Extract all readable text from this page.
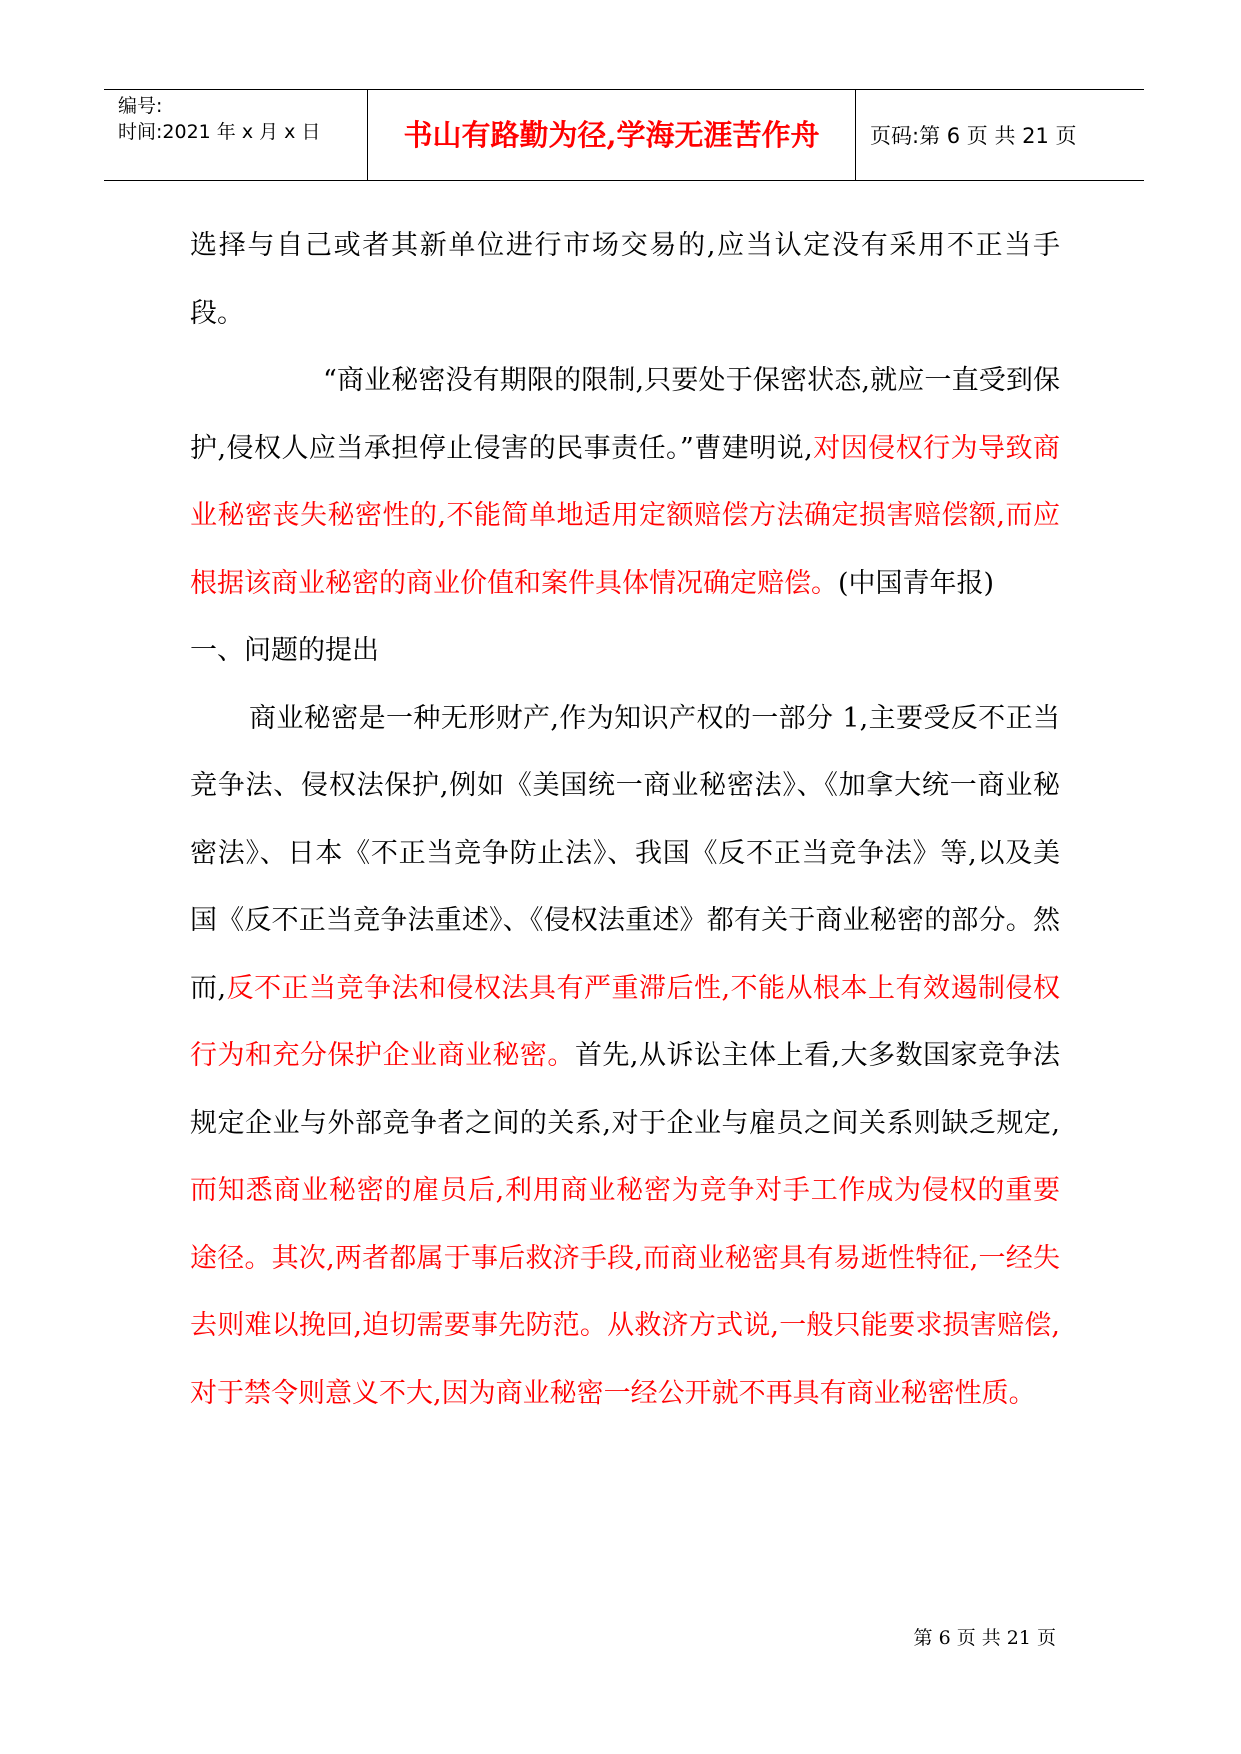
编号:
时间:2021 年 x 月 x 日	书山有路勤为径,学海无涯苦作舟	页码:第 6 页 共 21 页

选择与自己或者其新单位进行市场交易的,应当认定没有采用不正当手段。

“商业秘密没有期限的限制,只要处于保密状态,就应一直受到保护,侵权人应当承担停止侵害的民事责任。”曹建明说,对因侵权行为导致商业秘密丧失秘密性的,不能简单地适用定额赔偿方法确定损害赔偿额,而应根据该商业秘密的商业价值和案件具体情况确定赔偿。(中国青年报)

一、问题的提出

商业秘密是一种无形财产,作为知识产权的一部分 1,主要受反不正当竞争法、侵权法保护,例如《美国统一商业秘密法》、《加拿大统一商业秘密法》、日本《不正当竞争防止法》、我国《反不正当竞争法》等,以及美国《反不正当竞争法重述》、《侵权法重述》都有关于商业秘密的部分。然而,反不正当竞争法和侵权法具有严重滞后性,不能从根本上有效遏制侵权行为和充分保护企业商业秘密。首先,从诉讼主体上看,大多数国家竞争法规定企业与外部竞争者之间的关系,对于企业与雇员之间关系则缺乏规定,而知悉商业秘密的雇员后,利用商业秘密为竞争对手工作成为侵权的重要途径。其次,两者都属于事后救济手段,而商业秘密具有易逝性特征,一经失去则难以挽回,迫切需要事先防范。从救济方式说,一般只能要求损害赔偿,对于禁令则意义不大,因为商业秘密一经公开就不再具有商业秘密性质。

第 6 页 共 21 页
